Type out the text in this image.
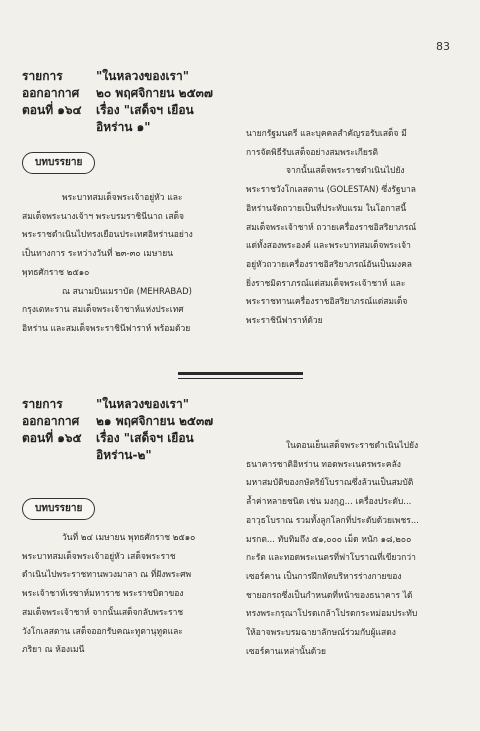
83
รายการ
ออกอากาศ
ตอนที่ ๑๖๔
"ในหลวงของเรา"
๒๐ พฤศจิกายน ๒๕๓๗
เรื่อง "เสด็จฯ เยือน
อิหร่าน ๑"
บทบรรยาย
พระบาทสมเด็จพระเจ้าอยู่หัว และ
สมเด็จพระนางเจ้าฯ พระบรมราชินีนาถ เสด็จ
พระราชดำเนินไปทรงเยือนประเทศอิหร่านอย่าง
เป็นทางการ ระหว่างวันที่ ๒๓-๓๐ เมษายน
พุทธศักราช ๒๕๑๐
ณ สนามบินเมราบัด (MEHRABAD)
กรุงเตหะราน สมเด็จพระเจ้าชาห์แห่งประเทศ
อิหร่าน และสมเด็จพระราชินีฟาราห์ พร้อมด้วย
นายกรัฐมนตรี และบุคคลสำคัญรอรับเสด็จ มี
การจัดพิธีรับเสด็จอย่างสมพระเกียรติ
จากนั้นเสด็จพระราชดำเนินไปยัง
พระราชวังโกเลสตาน (GOLESTAN) ซึ่งรัฐบาล
อิหร่านจัดถวายเป็นที่ประทับแรม ในโอกาสนี้
สมเด็จพระเจ้าชาห์ ถวายเครื่องราชอิสริยาภรณ์
แด่ทั้งสองพระองค์ และพระบาทสมเด็จพระเจ้า
อยู่หัวถวายเครื่องราชอิสริยาภรณ์อันเป็นมงคล
ยิ่งราชมิตราภรณ์แด่สมเด็จพระเจ้าชาห์ และ
พระราชทานเครื่องราชอิสริยาภรณ์แด่สมเด็จ
พระราชินีฟาราห์ด้วย
รายการ
ออกอากาศ
ตอนที่ ๑๖๕
"ในหลวงของเรา"
๒๑ พฤศจิกายน ๒๕๓๗
เรื่อง "เสด็จฯ เยือน
อิหร่าน-๒"
บทบรรยาย
วันที่ ๒๔ เมษายน พุทธศักราช ๒๕๑๐
พระบาทสมเด็จพระเจ้าอยู่หัว เสด็จพระราช
ดำเนินไปพระราชทานพวงมาลา ณ ที่ฝังพระศพ
พระเจ้าชาห์เรซาห์มหาราช พระราชบิดาของ
สมเด็จพระเจ้าชาห์ จากนั้นเสด็จกลับพระราช
วังโกเลสตาน เสด็จออกรับคณะทูตานุทูตและ
ภริยา ณ ห้องเมนี
ในตอนเย็นเสด็จพระราชดำเนินไปยัง
ธนาคารชาติอิหร่าน ทอดพระเนตรพระคลัง
มหาสมบัติของกษัตริย์โบราณซึ่งล้วนเป็นสมบัติ
ล้ำค่าหลายชนิด เช่น มงกุฎ... เครื่องประดับ...
อาวุธโบราณ รวมทั้งลูกโลกที่ประดับด้วยเพชร...
มรกต... ทับทิมถึง ๕๑,๐๐๐ เม็ด หนัก ๑๘,๒๐๐
กะรัต และทอดพระเนตรที่ฟาโบราณที่เขียวกว่า
เซอร์คาน เป็นการฝึกหัดบริหารร่างกายของ
ชายอกรถซึ่งเป็นกำหนดที่หน้าของธนาคาร ได้
ทรงพระกรุณาโปรดเกล้าโปรดกระหม่อมประทับ
ให้อาจพระบรมฉายาลักษณ์ร่วมกับผู้แสดง
เซอร์คานเหล่านั้นด้วย
